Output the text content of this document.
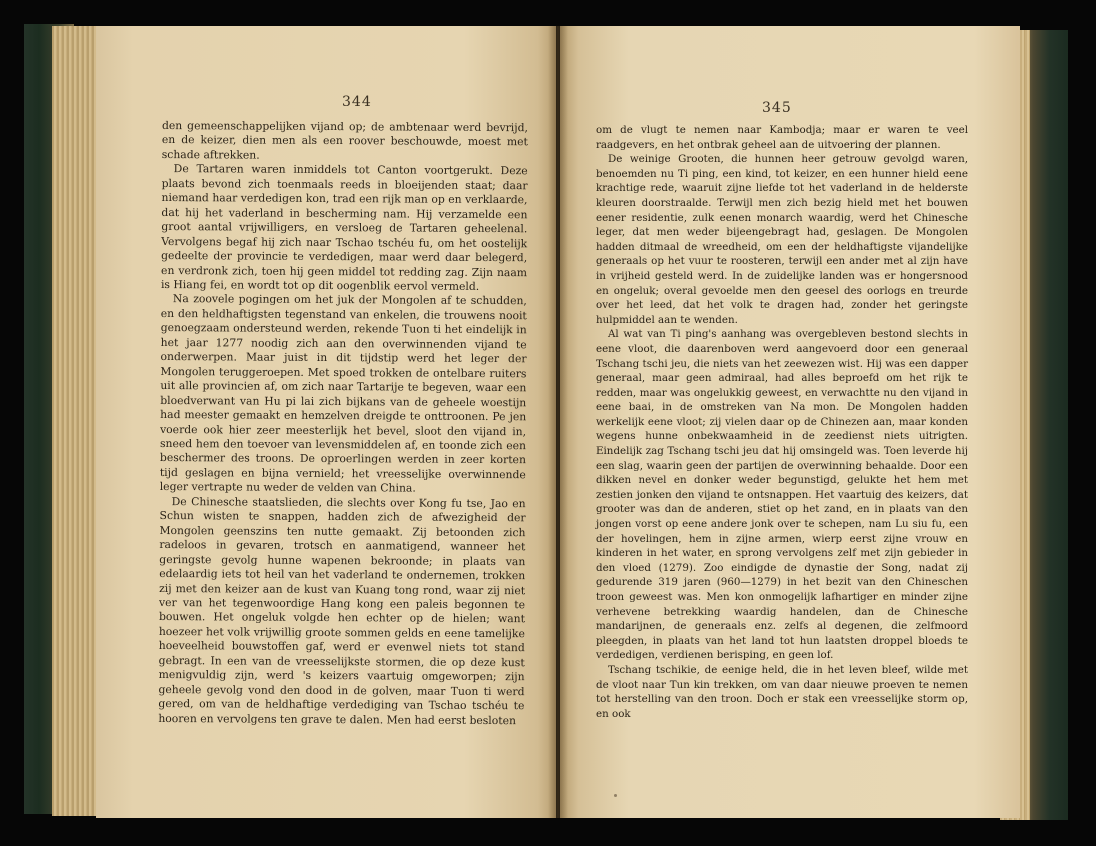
344

den gemeenschappelijken vijand op; de ambtenaar werd bevrijd, en de keizer, dien men als een roover beschouwde, moest met schade aftrekken.

De Tartaren waren inmiddels tot Canton voortgerukt. Deze plaats bevond zich toenmaals reeds in bloeijenden staat; daar niemand haar verdedigen kon, trad een rijk man op en verklaarde, dat hij het vaderland in bescherming nam. Hij verzamelde een groot aantal vrijwilligers, en versloeg de Tartaren geheelenal. Vervolgens begaf hij zich naar Tschao tschéu fu, om het oostelijk gedeelte der provincie te verdedigen, maar werd daar belegerd, en verdronk zich, toen hij geen middel tot redding zag. Zijn naam is Hiang fei, en wordt tot op dit oogenblik eervol vermeld.

Na zoovele pogingen om het juk der Mongolen af te schudden, en den heldhaftigsten tegenstand van enkelen, die trouwens nooit genoegzaam ondersteund werden, rekende Tuon ti het eindelijk in het jaar 1277 noodig zich aan den overwinnenden vijand te onderwerpen. Maar juist in dit tijdstip werd het leger der Mongolen teruggeroepen. Met spoed trokken de ontelbare ruiters uit alle provincien af, om zich naar Tartarije te begeven, waar een bloedverwant van Hu pi lai zich bijkans van de geheele woestijn had meester gemaakt en hemzelven dreigde te onttroonen. Pe jen voerde ook hier zeer meesterlijk het bevel, sloot den vijand in, sneed hem den toevoer van levensmiddelen af, en toonde zich een beschermer des troons. De oproerlingen werden in zeer korten tijd geslagen en bijna vernield; het vreesselijke overwinnende leger vertrapte nu weder de velden van China.

De Chinesche staatslieden, die slechts over Kong fu tse, Jao en Schun wisten te snappen, hadden zich de afwezigheid der Mongolen geenszins ten nutte gemaakt. Zij betoonden zich radeloos in gevaren, trotsch en aanmatigend, wanneer het geringste gevolg hunne wapenen bekroonde; in plaats van edelaardig iets tot heil van het vaderland te ondernemen, trokken zij met den keizer aan de kust van Kuang tong rond, waar zij niet ver van het tegenwoordige Hang kong een paleis begonnen te bouwen. Het ongeluk volgde hen echter op de hielen; want hoezeer het volk vrijwillig groote sommen gelds en eene tamelijke hoeveelheid bouwstoffen gaf, werd er evenwel niets tot stand gebragt. In een van de vreesselijkste stormen, die op deze kust menigvuldig zijn, werd 's keizers vaartuig omgeworpen; zijn geheele gevolg vond den dood in de golven, maar Tuon ti werd gered, om van de heldhaftige verdediging van Tschao tschéu te hooren en vervolgens ten grave te dalen. Men had eerst besloten

345

om de vlugt te nemen naar Kambodja; maar er waren te veel raadgevers, en het ontbrak geheel aan de uitvoering der plannen.

De weinige Grooten, die hunnen heer getrouw gevolgd waren, benoemden nu Ti ping, een kind, tot keizer, en een hunner hield eene krachtige rede, waaruit zijne liefde tot het vaderland in de helderste kleuren doorstraalde. Terwijl men zich bezig hield met het bouwen eener residentie, zulk eenen monarch waardig, werd het Chinesche leger, dat men weder bijeengebragt had, geslagen. De Mongolen hadden ditmaal de wreedheid, om een der heldhaftigste vijandelijke generaals op het vuur te roosteren, terwijl een ander met al zijn have in vrijheid gesteld werd. In de zuidelijke landen was er hongersnood en ongeluk; overal gevoelde men den geesel des oorlogs en treurde over het leed, dat het volk te dragen had, zonder het geringste hulpmiddel aan te wenden.

Al wat van Ti ping's aanhang was overgebleven bestond slechts in eene vloot, die daarenboven werd aangevoerd door een generaal Tschang tschi jeu, die niets van het zeewezen wist. Hij was een dapper generaal, maar geen admiraal, had alles beproefd om het rijk te redden, maar was ongelukkig geweest, en verwachtte nu den vijand in eene baai, in de omstreken van Na mon. De Mongolen hadden werkelijk eene vloot; zij vielen daar op de Chinezen aan, maar konden wegens hunne onbekwaamheid in de zeedienst niets uitrigten. Eindelijk zag Tschang tschi jeu dat hij omsingeld was. Toen leverde hij een slag, waarin geen der partijen de overwinning behaalde. Door een dikken nevel en donker weder begunstigd, gelukte het hem met zestien jonken den vijand te ontsnappen. Het vaartuig des keizers, dat grooter was dan de anderen, stiet op het zand, en in plaats van den jongen vorst op eene andere jonk over te schepen, nam Lu siu fu, een der hovelingen, hem in zijne armen, wierp eerst zijne vrouw en kinderen in het water, en sprong vervolgens zelf met zijn gebieder in den vloed (1279). Zoo eindigde de dynastie der Song, nadat zij gedurende 319 jaren (960—1279) in het bezit van den Chineschen troon geweest was. Men kon onmogelijk lafhartiger en minder zijne verhevene betrekking waardig handelen, dan de Chinesche mandarijnen, de generaals enz. zelfs al degenen, die zelfmoord pleegden, in plaats van het land tot hun laatsten droppel bloeds te verdedigen, verdienen berisping, en geen lof.

Tschang tschikie, de eenige held, die in het leven bleef, wilde met de vloot naar Tun kin trekken, om van daar nieuwe proeven te nemen tot herstelling van den troon. Doch er stak een vreesselijke storm op, en ook
